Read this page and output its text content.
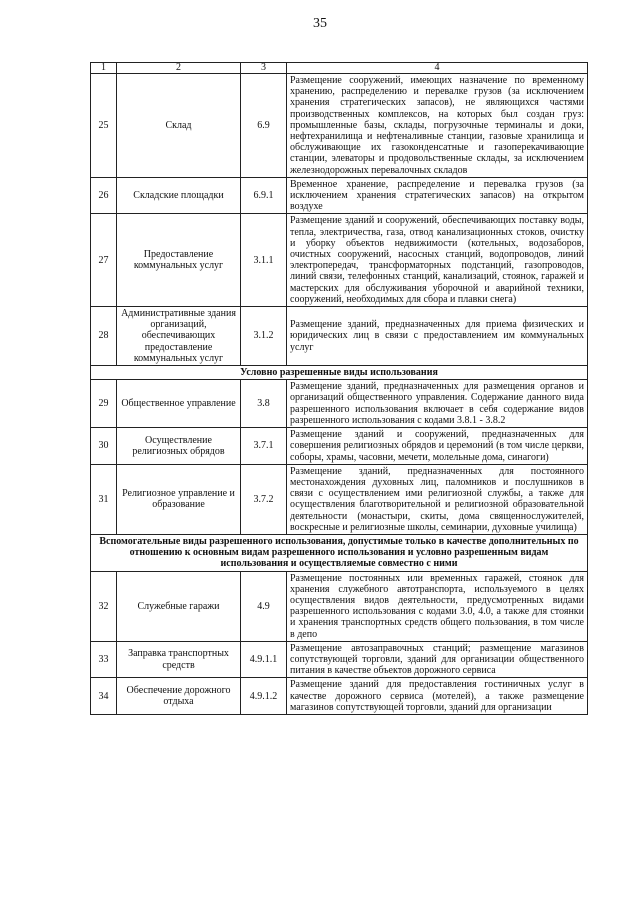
35
1	2	3	4
25	Склад	6.9	Размещение сооружений, имеющих назначение по временному хранению, распределению и перевалке грузов (за исключением хранения стратегических запасов), не являющихся частями производственных комплексов, на которых был создан груз: промышленные базы, склады, погрузочные терминалы и доки, нефтехранилища и нефтеналивные станции, газовые хранилища и обслуживающие их газоконденсатные и газоперекачивающие станции, элеваторы и продовольственные склады, за исключением железнодорожных перевалочных складов
26	Складские площадки	6.9.1	Временное хранение, распределение и перевалка грузов (за исключением хранения стратегических запасов) на открытом воздухе
27	Предоставление коммунальных услуг	3.1.1	Размещение зданий и сооружений, обеспечивающих поставку воды, тепла, электричества, газа, отвод канализационных стоков, очистку и уборку объектов недвижимости (котельных, водозаборов, очистных сооружений, насосных станций, водопроводов, линий электропередач, трансформаторных подстанций, газопроводов, линий связи, телефонных станций, канализаций, стоянок, гаражей и мастерских для обслуживания уборочной и аварийной техники, сооружений, необходимых для сбора и плавки снега)
28	Административные здания организаций, обеспечивающих предоставление коммунальных услуг	3.1.2	Размещение зданий, предназначенных для приема физических и юридических лиц в связи с предоставлением им коммунальных услуг
Условно разрешенные виды использования			
29	Общественное управление	3.8	Размещение зданий, предназначенных для размещения органов и организаций общественного управления. Содержание данного вида разрешенного использования включает в себя содержание видов разрешенного использования с кодами 3.8.1 - 3.8.2
30	Осуществление религиозных обрядов	3.7.1	Размещение зданий и сооружений, предназначенных для совершения религиозных обрядов и церемоний (в том числе церкви, соборы, храмы, часовни, мечети, молельные дома, синагоги)
31	Религиозное управление и образование	3.7.2	Размещение зданий, предназначенных для постоянного местонахождения духовных лиц, паломников и послушников в связи с осуществлением ими религиозной службы, а также для осуществления благотворительной и религиозной образовательной деятельности (монастыри, скиты, дома священнослужителей, воскресные и религиозные школы, семинарии, духовные училища)
Вспомогательные виды разрешенного использования, допустимые только в качестве дополнительных по отношению к основным видам разрешенного использования и условно разрешенным видам использования и осуществляемые совместно с ними			
32	Служебные гаражи	4.9	Размещение постоянных или временных гаражей, стоянок для хранения служебного автотранспорта, используемого в целях осуществления видов деятельности, предусмотренных видами разрешенного использования с кодами 3.0, 4.0, а также для стоянки и хранения транспортных средств общего пользования, в том числе в депо
33	Заправка транспортных средств	4.9.1.1	Размещение автозаправочных станций; размещение магазинов сопутствующей торговли, зданий для организации общественного питания в качестве объектов дорожного сервиса
34	Обеспечение дорожного отдыха	4.9.1.2	Размещение зданий для предоставления гостиничных услуг в качестве дорожного сервиса (мотелей), а также размещение магазинов сопутствующей торговли, зданий для организации
